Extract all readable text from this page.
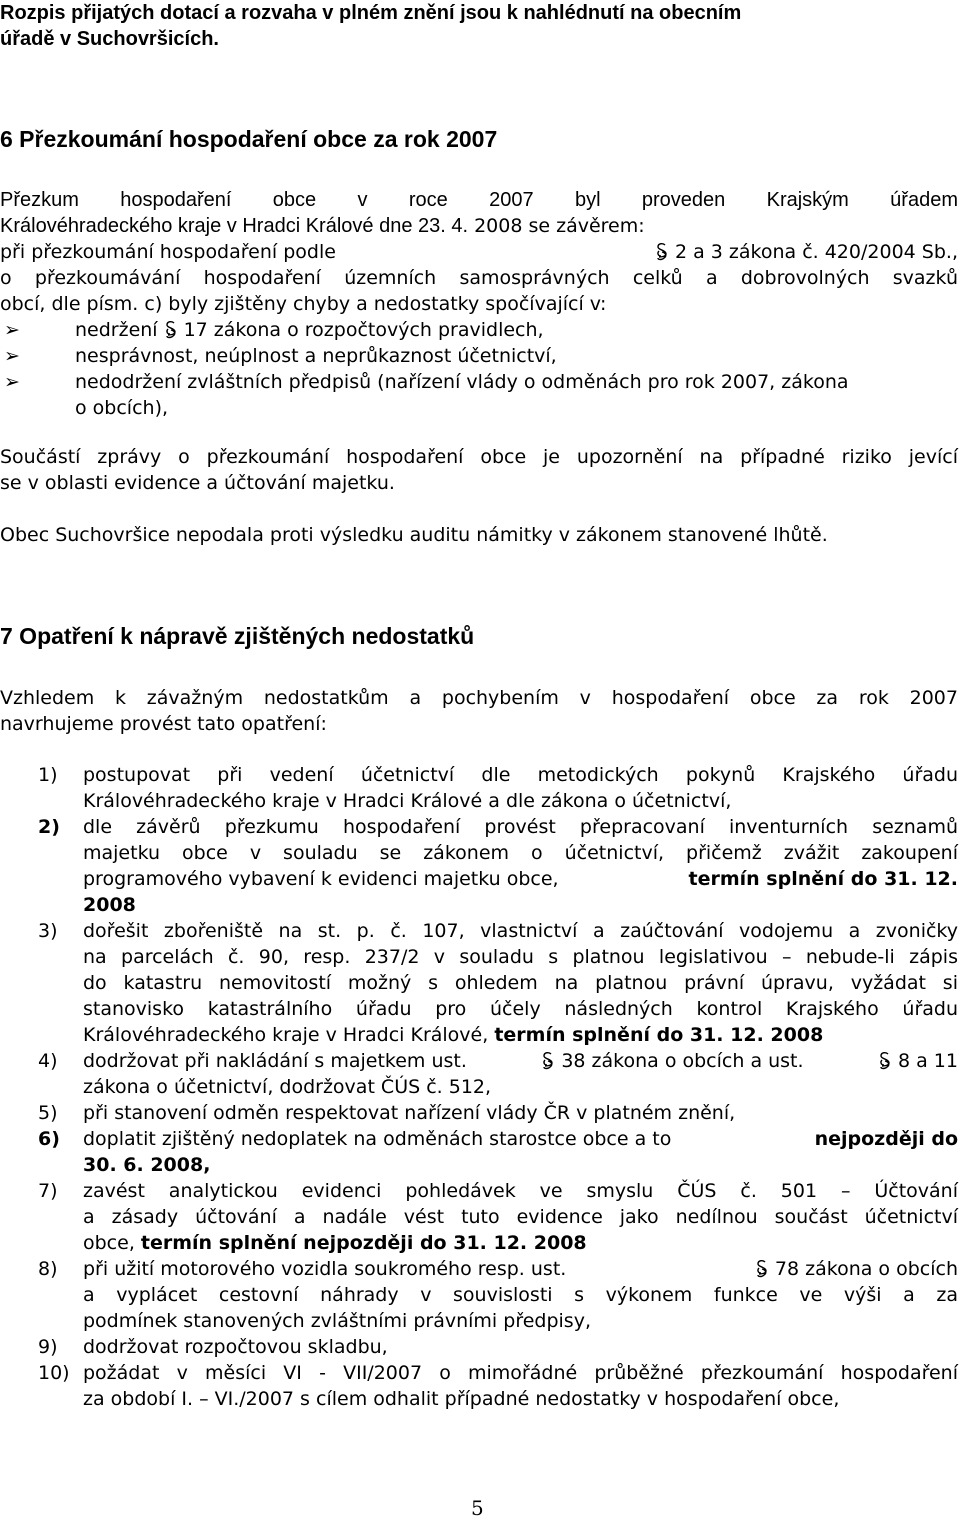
Rozpis přijatých dotací a rozvaha v plném znění jsou k nahlédnutí na obecním
úřadě v Suchovršicích.
6 Přezkoumání hospodaření obce za rok 2007
Přezkum hospodaření obce v roce 2007 byl proveden Krajským úřadem
Královéhradeckého kraje v Hradci Králové dne 23. 4. 2008 se závěrem:
při přezkoumání hospodaření podle	2 a 3 zákona č. 420/2004 Sb.,
o přezkoumávání hospodaření územních samosprávných celků a dobrovolných svazků
obcí, dle písm. c) byly zjištěny chyby a nedostatky spočívající v:
➢	nedržení 17 zákona o rozpočtových pravidlech,
➢	nesprávnost, neúplnost a neprůkaznost účetnictví,
➢	nedodržení zvláštních předpisů (nařízení vlády o odměnách pro rok 2007, zákona
o obcích),
Součástí zprávy o přezkoumání hospodaření obce je upozornění na případné riziko jevící
se v oblasti evidence a účtování majetku.
Obec Suchovršice nepodala proti výsledku auditu námitky v zákonem stanovené lhůtě.
7 Opatření k nápravě zjištěných nedostatků
Vzhledem k závažným nedostatkům a pochybením v hospodaření obce za rok 2007
navrhujeme provést tato opatření:
1) postupovat při vedení účetnictví dle metodických pokynů Krajského úřadu
Královéhradeckého kraje v Hradci Králové a dle zákona o účetnictví,
2) dle závěrů přezkumu hospodaření provést přepracovaní inventurních seznamů
majetku obce v souladu se zákonem o účetnictví, přičemž zvážit zakoupení
programového vybavení k evidenci majetku obce,	termín splnění do 31. 12.
2008
3) dořešit zbořeniště na st. p. č. 107, vlastnictví a zaúčtování vodojemu a zvoničky
na parcelách č. 90, resp. 237/2 v souladu s platnou legislativou – nebude-li zápis
do katastru nemovitostí možný s ohledem na platnou právní úpravu, vyžádat si
stanovisko katastrálního úřadu pro účely následných kontrol Krajského úřadu
Královéhradeckého kraje v Hradci Králové, termín splnění do 31. 12. 2008
4) dodržovat při nakládání s majetkem ust.	38 zákona o obcích a ust.	8 a 11
zákona o účetnictví, dodržovat ČÚS č. 512,
5) při stanovení odměn respektovat nařízení vlády ČR v platném znění,
6) doplatit zjištěný nedoplatek na odměnách starostce obce a to	nejpozději do
30. 6. 2008,
7) zavést analytickou evidenci pohledávek ve smyslu ČÚS č. 501 – Účtování
a zásady účtování a nadále vést tuto evidence jako nedílnou součást účetnictví
obce, termín splnění nejpozději do 31. 12. 2008
8) při užití motorového vozidla soukromého resp. ust.	78 zákona o obcích
a vyplácet cestovní náhrady v souvislosti s výkonem funkce ve výši a za
podmínek stanovených zvláštními právními předpisy,
9) dodržovat rozpočtovou skladbu,
10) požádat v měsíci VI - VII/2007 o mimořádné průběžné přezkoumání hospodaření
za období I. – VI./2007 s cílem odhalit případné nedostatky v hospodaření obce,
5
